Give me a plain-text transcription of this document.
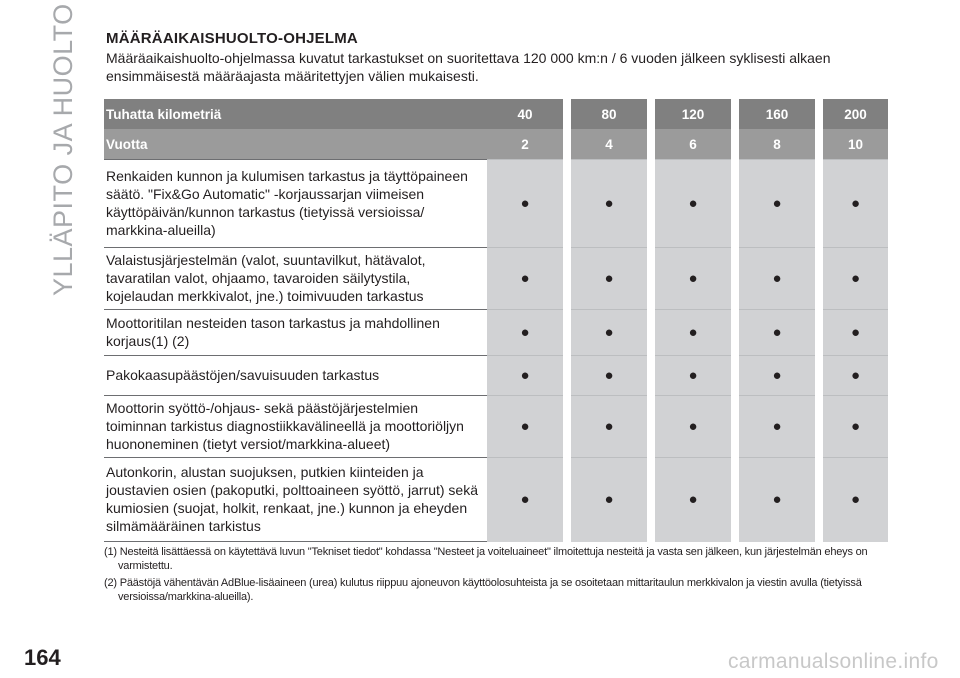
YLLÄPITO JA HUOLTO MÄÄRÄAIKAISHUOLTO-OHJELMA
Määräaikaishuolto-ohjelmassa kuvatut tarkastukset on suoritettava 120 000 km:n / 6 vuoden jälkeen syklisesti alkaen ensimmäisestä määräajasta määritettyjen välien mukaisesti.
Tuhatta kilometriä	40		80		120		160		200
Vuotta	2		4		6		8		10
Renkaiden kunnon ja kulumisen tarkastus ja täyttöpaineen säätö. "Fix&Go Automatic" -korjaussarjan viimeisen käyttöpäivän/kunnon tarkastus (tietyissä versioissa/ markkina-alueilla)	●		●		●		●		●
Valaistusjärjestelmän (valot, suuntavilkut, hätävalot, tavaratilan valot, ohjaamo, tavaroiden säilytystila, kojelaudan merkkivalot, jne.) toimivuuden tarkastus	●		●		●		●		●
Moottoritilan nesteiden tason tarkastus ja mahdollinen korjaus(1) (2)	●		●		●		●		●
Pakokaasupäästöjen/savuisuuden tarkastus	●		●		●		●		●
Moottorin syöttö-/ohjaus- sekä päästöjärjestelmien toiminnan tarkistus diagnostiikkavälineellä ja moottoriöljyn huononeminen (tietyt versiot/markkina-alueet)	●		●		●		●		●
Autonkorin, alustan suojuksen, putkien kiinteiden ja joustavien osien (pakoputki, polttoaineen syöttö, jarrut) sekä kumiosien (suojat, holkit, renkaat, jne.) kunnon ja eheyden silmämääräinen tarkistus	●		●		●		●		●
(1) Nesteitä lisättäessä on käytettävä luvun "Tekniset tiedot" kohdassa "Nesteet ja voiteluaineet" ilmoitettuja nesteitä ja vasta sen jälkeen, kun järjestelmän eheys on varmistettu.
(2) Päästöjä vähentävän AdBlue-lisäaineen (urea) kulutus riippuu ajoneuvon käyttöolosuhteista ja se osoitetaan mittaritaulun merkkivalon ja viestin avulla (tietyissä versioissa/markkina-alueilla).
164	carmanualsonline.info
